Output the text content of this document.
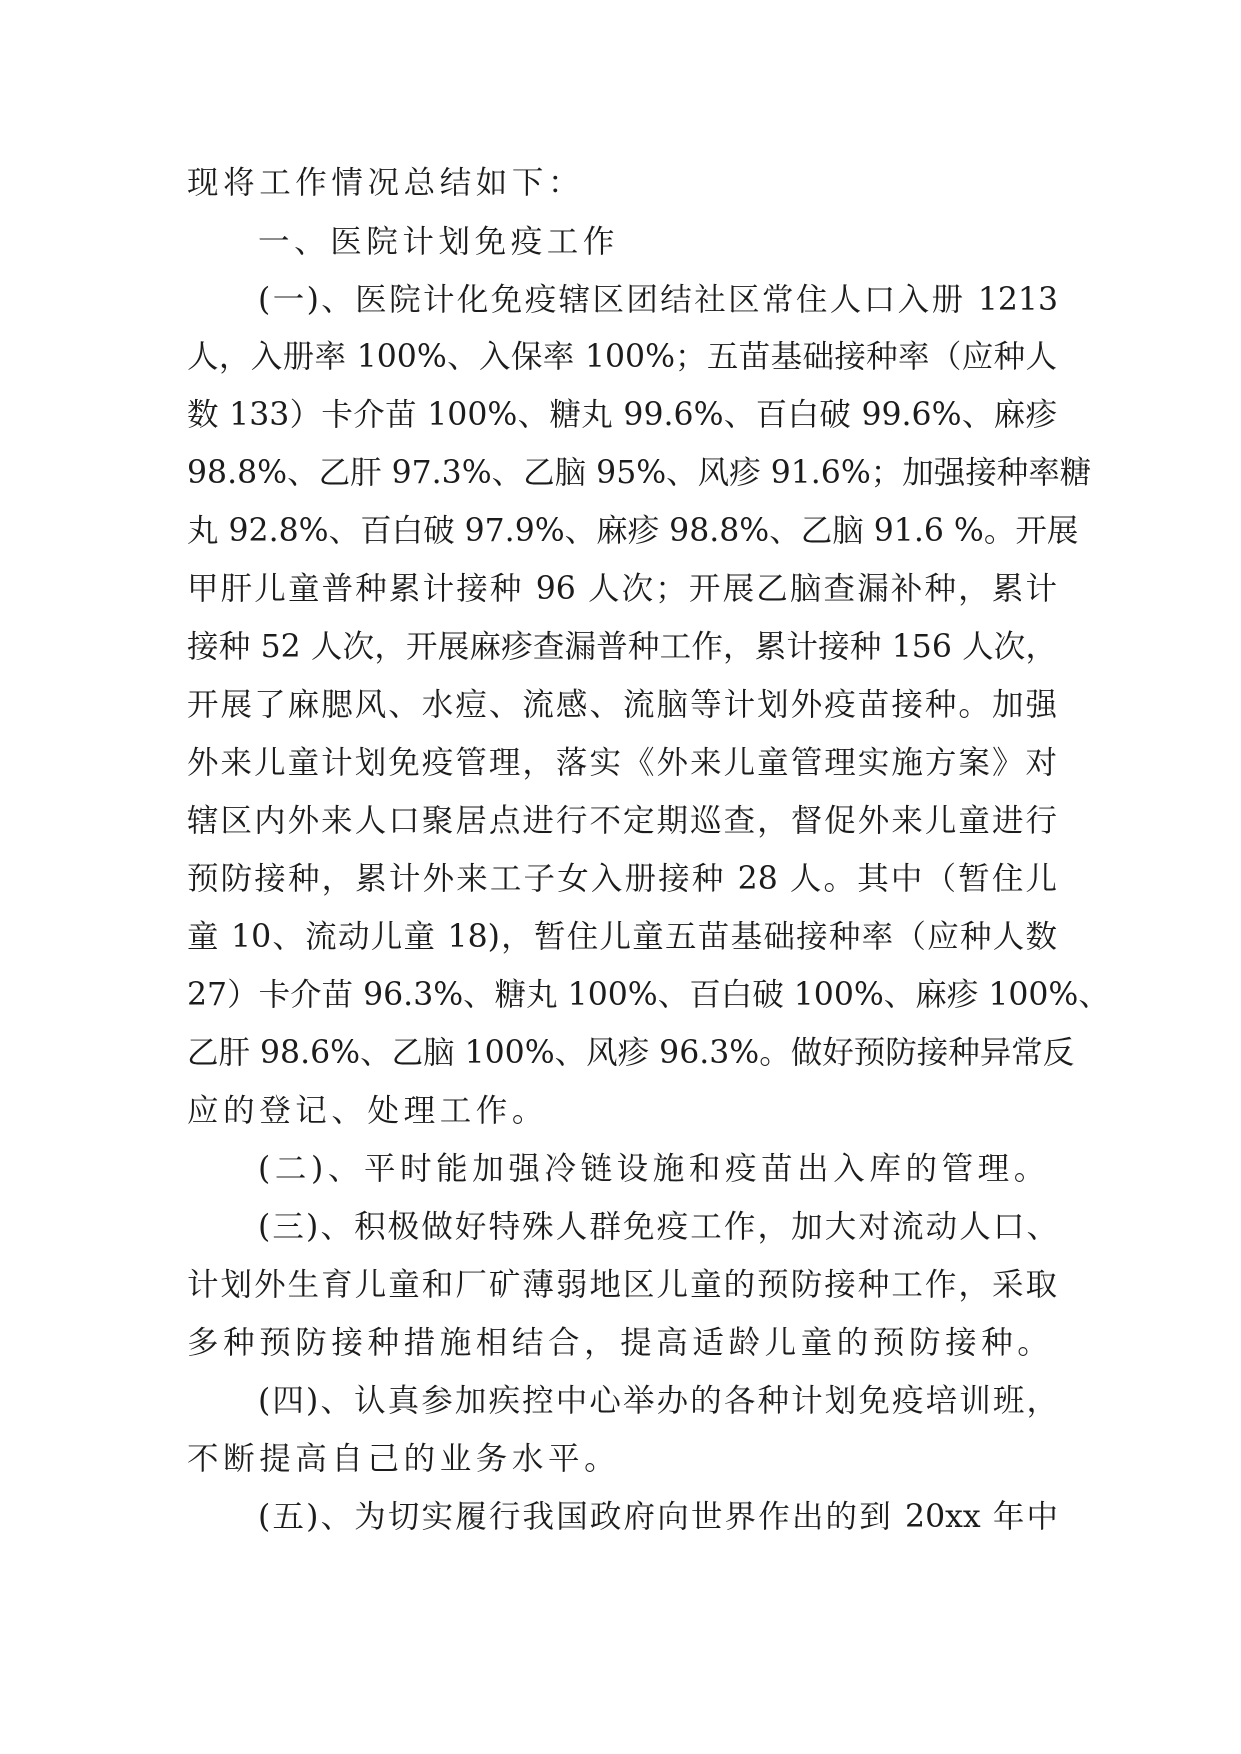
现将工作情况总结如下：
一、医院计划免疫工作
(一)、医院计化免疫辖区团结社区常住人口入册 1213
人，入册率 100%、入保率 100%；五苗基础接种率（应种人
数 133）卡介苗 100%、糖丸 99.6%、百白破 99.6%、麻疹
98.8%、乙肝 97.3%、乙脑 95%、风疹 91.6%；加强接种率糖
丸 92.8%、百白破 97.9%、麻疹 98.8%、乙脑 91.6 %。开展
甲肝儿童普种累计接种 96 人次；开展乙脑查漏补种，累计
接种 52 人次，开展麻疹查漏普种工作，累计接种 156 人次，
开展了麻腮风、水痘、流感、流脑等计划外疫苗接种。加强
外来儿童计划免疫管理，落实《外来儿童管理实施方案》对
辖区内外来人口聚居点进行不定期巡查，督促外来儿童进行
预防接种，累计外来工子女入册接种 28 人。其中（暂住儿
童 10、流动儿童 18)，暂住儿童五苗基础接种率（应种人数
27）卡介苗 96.3%、糖丸 100%、百白破 100%、麻疹 100%、
乙肝 98.6%、乙脑 100%、风疹 96.3%。做好预防接种异常反
应的登记、处理工作。
(二)、平时能加强冷链设施和疫苗出入库的管理。
(三)、积极做好特殊人群免疫工作，加大对流动人口、
计划外生育儿童和厂矿薄弱地区儿童的预防接种工作，采取
多种预防接种措施相结合，提高适龄儿童的预防接种。
(四)、认真参加疾控中心举办的各种计划免疫培训班，
不断提高自己的业务水平。
(五)、为切实履行我国政府向世界作出的到 20xx 年中
